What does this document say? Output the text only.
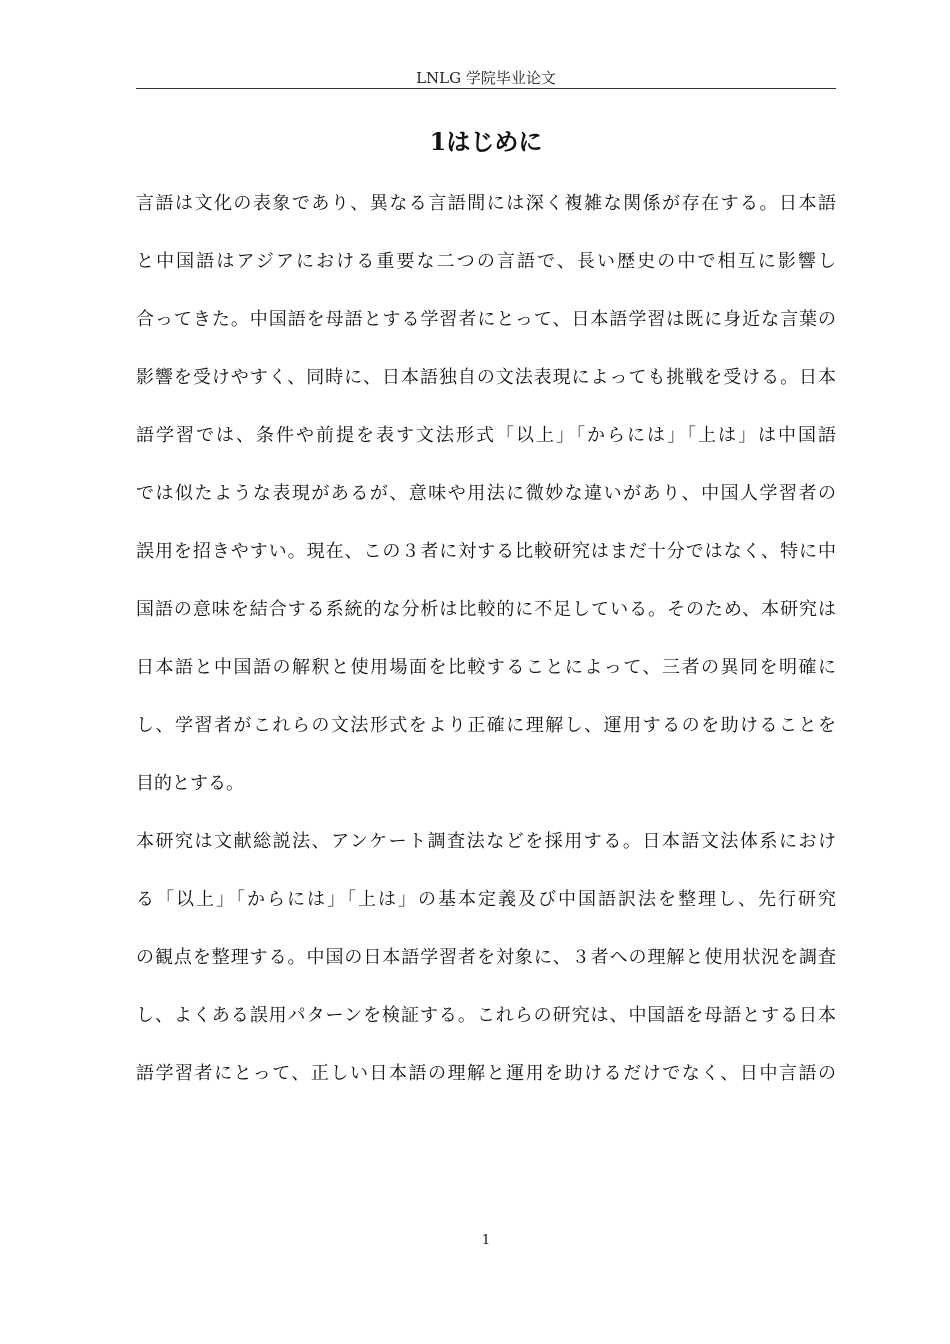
LNLG 学院毕业论文
1はじめに
言語は文化の表象であり、異なる言語間には深く複雑な関係が存在する。日本語
と中国語はアジアにおける重要な二つの言語で、長い歴史の中で相互に影響し
合ってきた。中国語を母語とする学習者にとって、日本語学習は既に身近な言葉の
影響を受けやすく、同時に、日本語独自の文法表現によっても挑戦を受ける。日本
語学習では、条件や前提を表す文法形式「以上」「からには」「上は」は中国語
では似たような表現があるが、意味や用法に微妙な違いがあり、中国人学習者の
誤用を招きやすい。現在、この３者に対する比較研究はまだ十分ではなく、特に中
国語の意味を結合する系統的な分析は比較的に不足している。そのため、本研究は
日本語と中国語の解釈と使用場面を比較することによって、三者の異同を明確に
し、学習者がこれらの文法形式をより正確に理解し、運用するのを助けることを
目的とする。
本研究は文献総説法、アンケート調査法などを採用する。日本語文法体系におけ
る「以上」「からには」「上は」の基本定義及び中国語訳法を整理し、先行研究
の観点を整理する。中国の日本語学習者を対象に、３者への理解と使用状況を調査
し、よくある誤用パターンを検証する。これらの研究は、中国語を母語とする日本
語学習者にとって、正しい日本語の理解と運用を助けるだけでなく、日中言語の
1
